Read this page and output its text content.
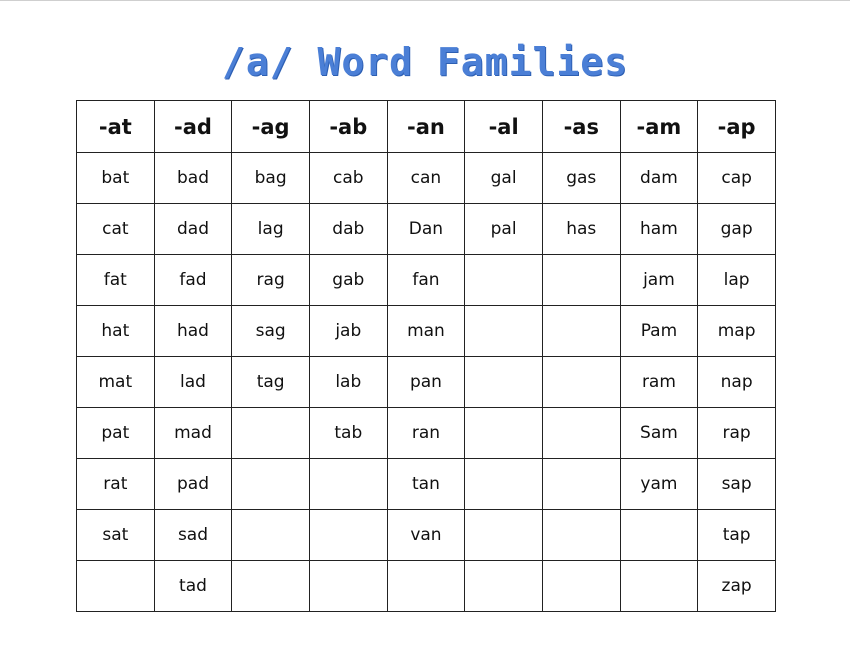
/a/ Word Families
-at	-ad	-ag	-ab	-an	-al	-as	-am	-ap
bat	bad	bag	cab	can	gal	gas	dam	cap
cat	dad	lag	dab	Dan	pal	has	ham	gap
fat	fad	rag	gab	fan			jam	lap
hat	had	sag	jab	man			Pam	map
mat	lad	tag	lab	pan			ram	nap
pat	mad		tab	ran			Sam	rap
rat	pad			tan			yam	sap
sat	sad			van				tap
	tad							zap
